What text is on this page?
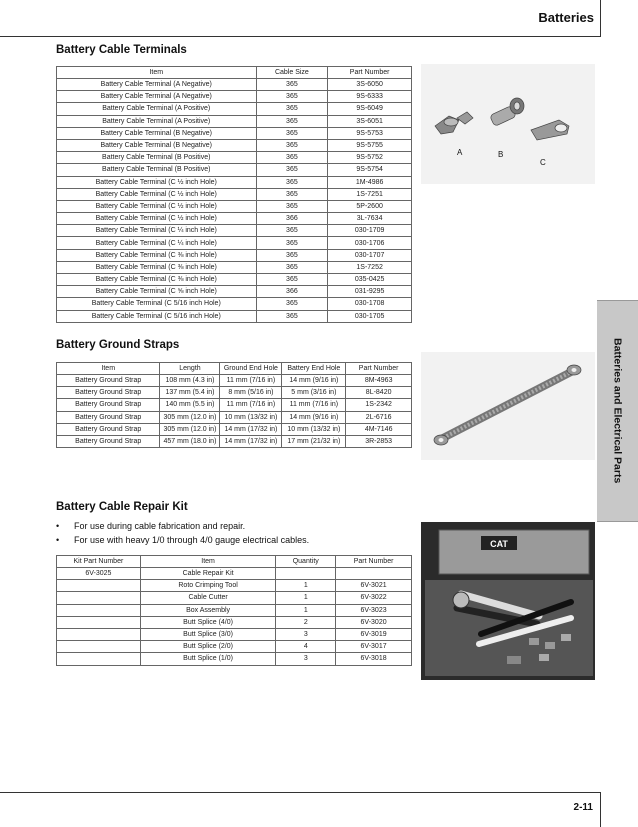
Batteries
Batteries and Electrical Parts
Battery Cable Terminals
Item	Cable Size	Part Number
Battery Cable Terminal (A Negative)	365	3S-6050
Battery Cable Terminal (A Negative)	365	9S-6333
Battery Cable Terminal (A Positive)	365	9S-6049
Battery Cable Terminal (A Positive)	365	3S-6051
Battery Cable Terminal (B Negative)	365	9S-5753
Battery Cable Terminal (B Negative)	365	9S-5755
Battery Cable Terminal (B Positive)	365	9S-5752
Battery Cable Terminal (B Positive)	365	9S-5754
Battery Cable Terminal (C ½ inch Hole)	365	1M-4986
Battery Cable Terminal (C ½ inch Hole)	365	1S-7251
Battery Cable Terminal (C ½ inch Hole)	365	5P-2600
Battery Cable Terminal (C ½ inch Hole)	366	3L-7634
Battery Cable Terminal (C ¼ inch Hole)	365	030-1709
Battery Cable Terminal (C ¼ inch Hole)	365	030-1706
Battery Cable Terminal (C ⅜ inch Hole)	365	030-1707
Battery Cable Terminal (C ⅜ inch Hole)	365	1S-7252
Battery Cable Terminal (C ⅜ inch Hole)	365	035-0425
Battery Cable Terminal (C ⅝ inch Hole)	366	031-9295
Battery Cable Terminal (C 5/16 inch Hole)	365	030-1708
Battery Cable Terminal (C 5/16 inch Hole)	365	030-1705
A	B
C
Battery Ground Straps
Item	Length	Ground End Hole	Battery End Hole	Part Number
Battery Ground Strap	108 mm (4.3 in)	11 mm (7/16 in)	14 mm (9/16 in)	8M-4963
Battery Ground Strap	137 mm (5.4 in)	8 mm (5/16 in)	5 mm (3/16 in)	8L-8420
Battery Ground Strap	140 mm (5.5 in)	11 mm (7/16 in)	11 mm (7/16 in)	1S-2342
Battery Ground Strap	305 mm (12.0 in)	10 mm (13/32 in)	14 mm (9/16 in)	2L-6716
Battery Ground Strap	305 mm (12.0 in)	14 mm (17/32 in)	10 mm (13/32 in)	4M-7146
Battery Ground Strap	457 mm (18.0 in)	14 mm (17/32 in)	17 mm (21/32 in)	3R-2853
Battery Cable Repair Kit
• For use during cable fabrication and repair.
• For use with heavy 1/0 through 4/0 gauge electrical cables.
Kit Part Number	Item	Quantity	Part Number
6V-3025	Cable Repair Kit		
	Roto Crimping Tool	1	6V-3021
	Cable Cutter	1	6V-3022
	Box Assembly	1	6V-3023
	Butt Splice (4/0)	2	6V-3020
	Butt Splice (3/0)	3	6V-3019
	Butt Splice (2/0)	4	6V-3017
	Butt Splice (1/0)	3	6V-3018
CAT
2-11
